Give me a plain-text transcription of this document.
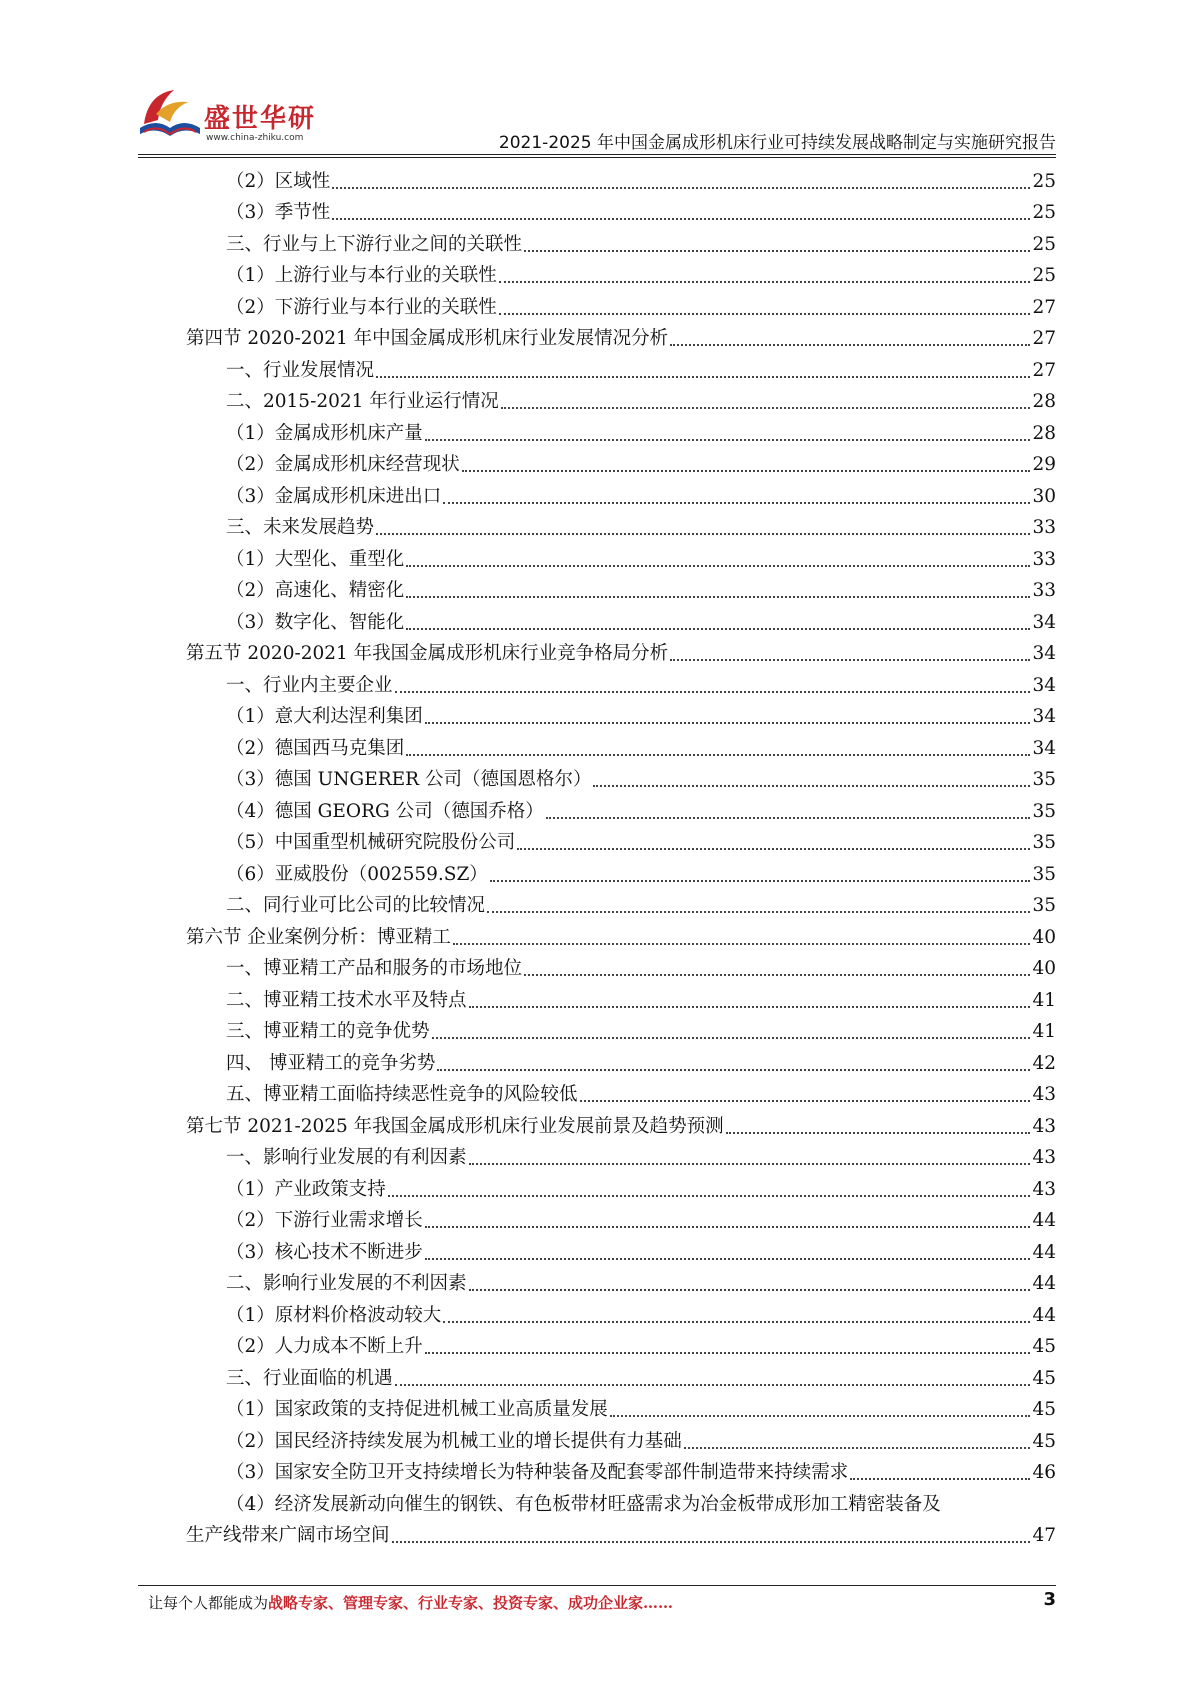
盛世华研
www.china-zhiku.com	2021-2025 年中国金属成形机床行业可持续发展战略制定与实施研究报告
（2）区域性	25
（3）季节性	25
三、行业与上下游行业之间的关联性	25
（1）上游行业与本行业的关联性	25
（2）下游行业与本行业的关联性	27
第四节 2020-2021 年中国金属成形机床行业发展情况分析	27
一、行业发展情况	27
二、2015-2021 年行业运行情况	28
（1）金属成形机床产量	28
（2）金属成形机床经营现状	29
（3）金属成形机床进出口	30
三、未来发展趋势	33
（1）大型化、重型化	33
（2）高速化、精密化	33
（3）数字化、智能化	34
第五节 2020-2021 年我国金属成形机床行业竞争格局分析	34
一、行业内主要企业	34
（1）意大利达涅利集团	34
（2）德国西马克集团	34
（3）德国 UNGERER 公司（德国恩格尔）	35
（4）德国 GEORG 公司（德国乔格）	35
（5）中国重型机械研究院股份公司	35
（6）亚威股份（002559.SZ）	35
二、同行业可比公司的比较情况	35
第六节 企业案例分析：博亚精工	40
一、博亚精工产品和服务的市场地位	40
二、博亚精工技术水平及特点	41
三、博亚精工的竞争优势	41
四、 博亚精工的竞争劣势	42
五、博亚精工面临持续恶性竞争的风险较低	43
第七节 2021-2025 年我国金属成形机床行业发展前景及趋势预测	43
一、影响行业发展的有利因素	43
（1）产业政策支持	43
（2）下游行业需求增长	44
（3）核心技术不断进步	44
二、影响行业发展的不利因素	44
（1）原材料价格波动较大	44
（2）人力成本不断上升	45
三、行业面临的机遇	45
（1）国家政策的支持促进机械工业高质量发展	45
（2）国民经济持续发展为机械工业的增长提供有力基础	45
（3）国家安全防卫开支持续增长为特种装备及配套零部件制造带来持续需求	46
（4）经济发展新动向催生的钢铁、有色板带材旺盛需求为冶金板带成形加工精密装备及
生产线带来广阔市场空间	47
让每个人都能成为战略专家、管理专家、行业专家、投资专家、成功企业家……	3
